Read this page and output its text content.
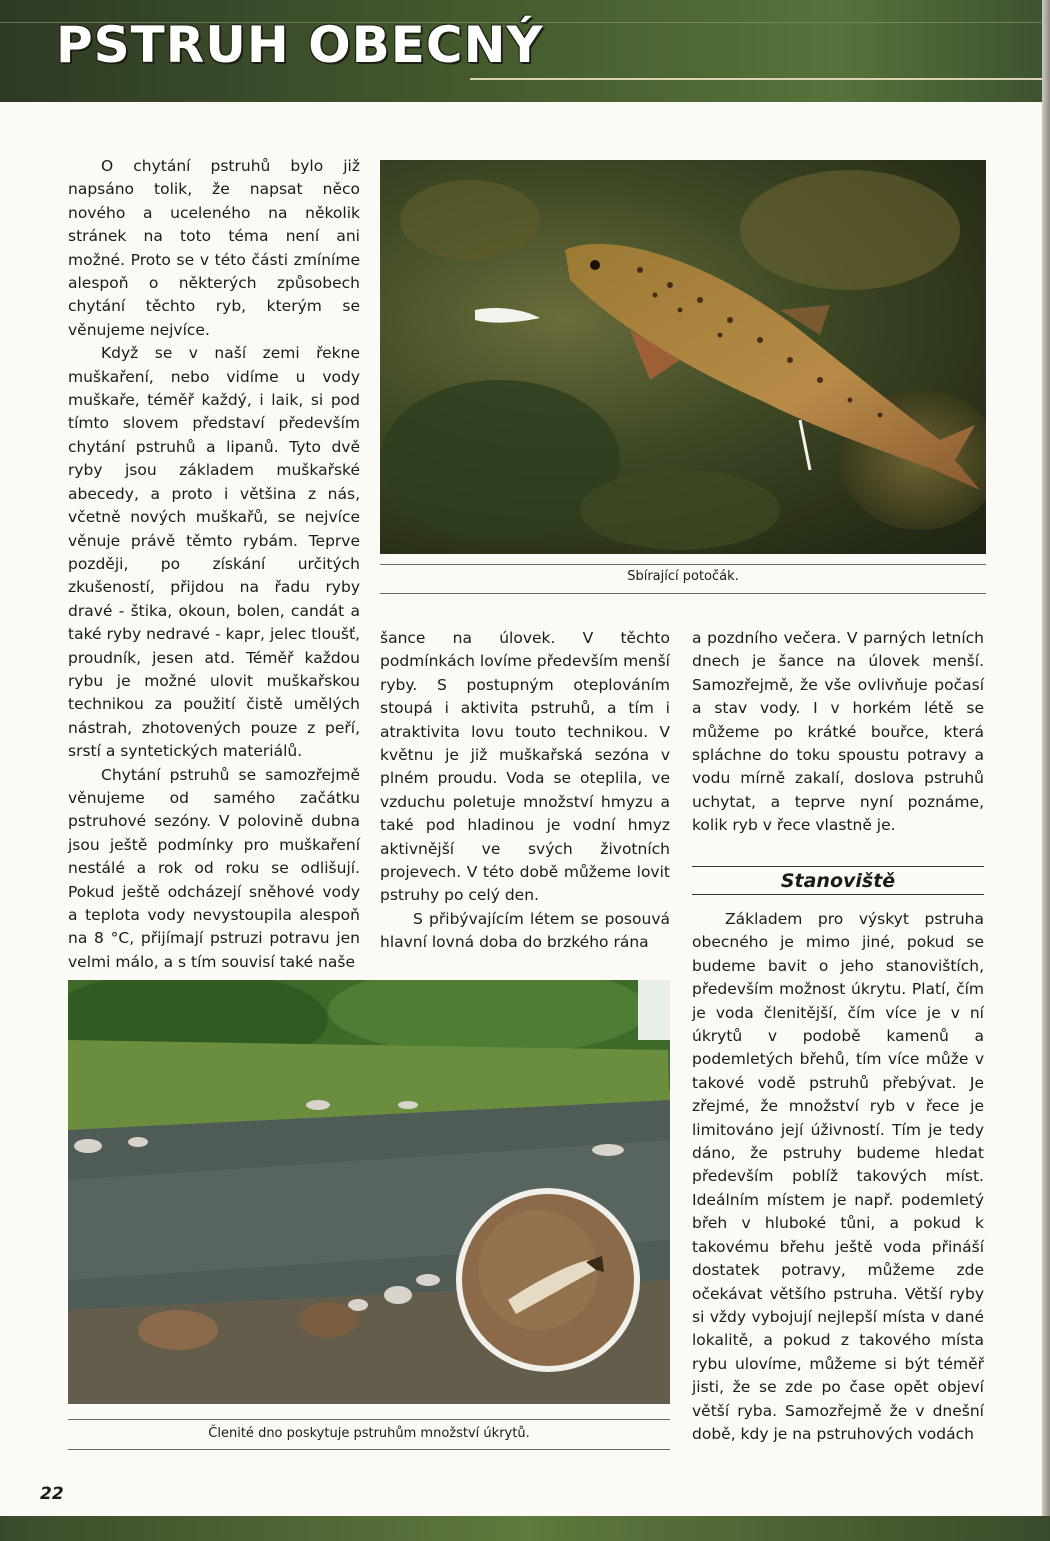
PSTRUH OBECNÝ

O chytání pstruhů bylo již napsáno tolik, že napsat něco nového a uceleného na několik stránek na toto téma není ani možné. Proto se v této části zmíníme alespoň o některých způsobech chytání těchto ryb, kterým se věnujeme nejvíce.

Když se v naší zemi řekne muškaření, nebo vidíme u vody muškaře, téměř každý, i laik, si pod tímto slovem představí především chytání pstruhů a lipanů. Tyto dvě ryby jsou základem muškařské abecedy, a proto i většina z nás, včetně nových muškařů, se nejvíce věnuje právě těmto rybám. Teprve později, po získání určitých zkušeností, přijdou na řadu ryby dravé - štika, okoun, bolen, candát a také ryby nedravé - kapr, jelec tloušť, proudník, jesen atd. Téměř každou rybu je možné ulovit muškařskou technikou za použití čistě umělých nástrah, zhotovených pouze z peří, srstí a syntetických materiálů.

Chytání pstruhů se samozřejmě věnujeme od samého začátku pstruhové sezóny. V polovině dubna jsou ještě podmínky pro muškaření nestálé a rok od roku se odlišují. Pokud ještě odcházejí sněhové vody a teplota vody nevystoupila alespoň na 8 °C, přijímají pstruzi potravu jen velmi málo, a s tím souvisí také naše

Sbírající potočák.

šance na úlovek. V těchto podmínkách lovíme především menší ryby. S postupným oteplováním stoupá i aktivita pstruhů, a tím i atraktivita lovu touto technikou. V květnu je již muškařská sezóna v plném proudu. Voda se oteplila, ve vzduchu poletuje množství hmyzu a také pod hladinou je vodní hmyz aktivnější ve svých životních projevech. V této době můžeme lovit pstruhy po celý den.

S přibývajícím létem se posouvá hlavní lovná doba do brzkého rána

a pozdního večera. V parných letních dnech je šance na úlovek menší. Samozřejmě, že vše ovlivňuje počasí a stav vody. I v horkém létě se můžeme po krátké bouřce, která spláchne do toku spoustu potravy a vodu mírně zakalí, doslova pstruhů uchytat, a teprve nyní poznáme, kolik ryb v řece vlastně je.

Stanoviště

Základem pro výskyt pstruha obecného je mimo jiné, pokud se budeme bavit o jeho stanovištích, především možnost úkrytu. Platí, čím je voda členitější, čím více je v ní úkrytů v podobě kamenů a podemletých břehů, tím více může v takové vodě pstruhů přebývat. Je zřejmé, že množství ryb v řece je limitováno její úživností. Tím je tedy dáno, že pstruhy budeme hledat především poblíž takových míst. Ideálním místem je např. podemletý břeh v hluboké tůni, a pokud k takovému břehu ještě voda přináší dostatek potravy, můžeme zde očekávat většího pstruha. Větší ryby si vždy vybojují nejlepší místa v dané lokalitě, a pokud z takového místa rybu ulovíme, můžeme si být téměř jisti, že se zde po čase opět objeví větší ryba. Samozřejmě že v dnešní době, kdy je na pstruhových vodách

Členité dno poskytuje pstruhům množství úkrytů.
22
